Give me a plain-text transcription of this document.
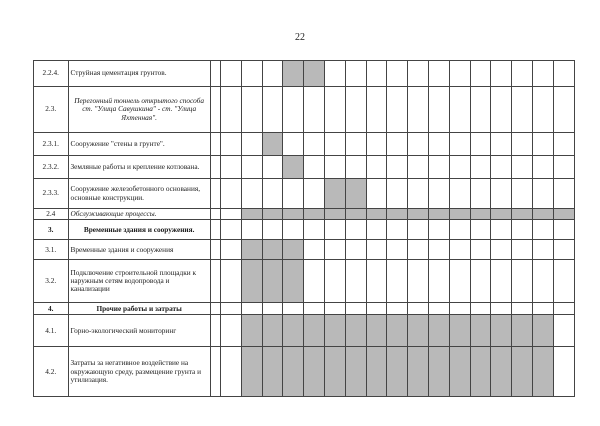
22
2.2.4.	Струйная цементация грунтов.																		
2.3.	Перегонный тоннель открытого способа ст. "Улица Савушкина" - ст. "Улица Яхтенная".																		
2.3.1.	Сооружение "стены в грунте".																		
2.3.2.	Земляные работы и крепление котлована.																		
2.3.3.	Сооружение железобетонного основания, основные конструкции.																		
2.4	Обслуживающие процессы.																		
3.	Временные здания и сооружения.																		
3.1.	Временные здания и сооружения																		
3.2.	Подключение строительной площадки к наружным сетям водопровода и канализации																		
4.	Прочие работы и затраты																		
4.1.	Горно-экологический мониторинг																		
4.2.	Затраты за негативное воздействие на окружающую среду, размещение грунта и утилизация.																		
